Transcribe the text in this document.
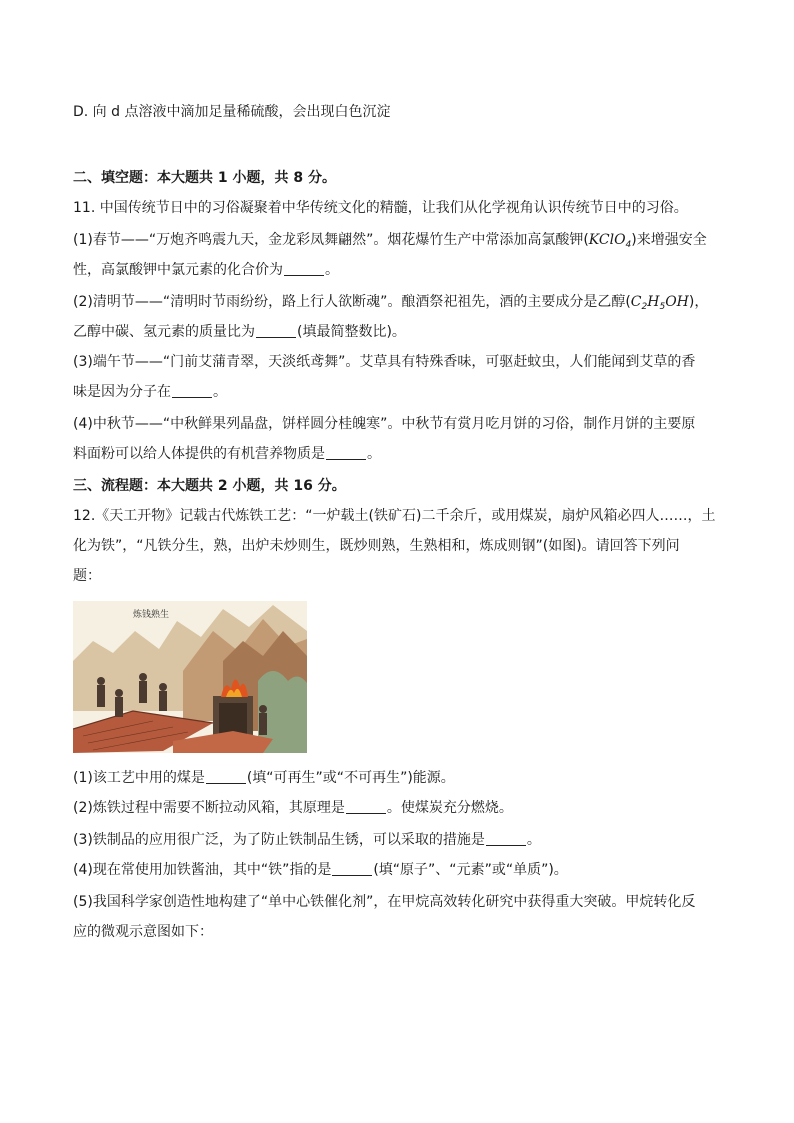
D. 向 d 点溶液中滴加足量稀硫酸，会出现白色沉淀
二、填空题：本大题共 1 小题，共 8 分。
11. 中国传统节日中的习俗凝聚着中华传统文化的精髓，让我们从化学视角认识传统节日中的习俗。
(1)春节——“万炮齐鸣震九天，金龙彩凤舞翩然”。烟花爆竹生产中常添加高氯酸钾(KClO$_4$)来增强安全
性，高氯酸钾中氯元素的化合价为	。
(2)清明节——“清明时节雨纷纷，路上行人欲断魂”。酿酒祭祀祖先，酒的主要成分是乙醇$(C_2H_5OH)$，
乙醇中碳、氢元素的质量比为	(填最简整数比)。
(3)端午节——“门前艾蒲青翠，天淡纸鸢舞”。艾草具有特殊香味，可驱赶蚊虫，人们能闻到艾草的香
味是因为分子在	。
(4)中秋节——“中秋鲜果列晶盘，饼样圆分桂魄寒”。中秋节有赏月吃月饼的习俗，制作月饼的主要原
料面粉可以给人体提供的有机营养物质是	。
三、流程题：本大题共 2 小题，共 16 分。
12.《天工开物》记载古代炼铁工艺：“一炉载土(铁矿石)二千余斤，或用煤炭，扇炉风箱必四人……，土
化为铁”，“凡铁分生，熟，出炉未炒则生，既炒则熟，生熟相和，炼成则钢”(如图)。请回答下列问
题：
炼钱熟生
(1)该工艺中用的煤是	(填“可再生”或“不可再生”)能源。
(2)炼铁过程中需要不断拉动风箱，其原理是	。使煤炭充分燃烧。
(3)铁制品的应用很广泛，为了防止铁制品生锈，可以采取的措施是	。
(4)现在常使用加铁酱油，其中“铁”指的是	(填“原子”、“元素”或“单质”)。
(5)我国科学家创造性地构建了“单中心铁催化剂”，在甲烷高效转化研究中获得重大突破。甲烷转化反
应的微观示意图如下：
